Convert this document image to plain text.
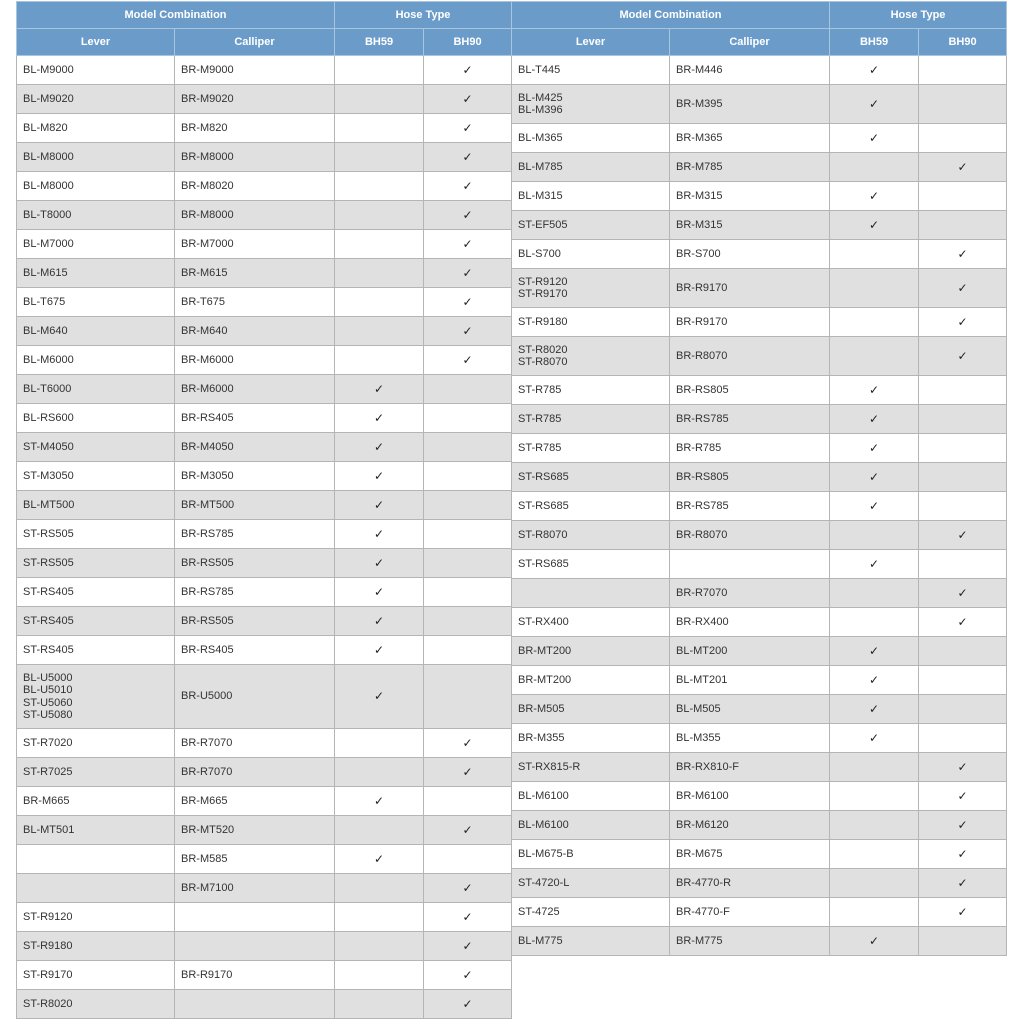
Model Combination		Hose Type	
Lever	Calliper	BH59	BH90

BL-M9000	BR-M9000		✓

BL-M9020	BR-M9020		✓

BL-M820	BR-M820		✓

BL-M8000	BR-M8000		✓

BL-M8000	BR-M8020		✓

BL-T8000	BR-M8000		✓

BL-M7000	BR-M7000		✓

BL-M615	BR-M615		✓

BL-T675	BR-T675		✓

BL-M640	BR-M640		✓

BL-M6000	BR-M6000		✓

BL-T6000	BR-M6000	✓	

BL-RS600	BR-RS405	✓	

ST-M4050	BR-M4050	✓	

ST-M3050	BR-M3050	✓	

BL-MT500	BR-MT500	✓	

ST-RS505	BR-RS785	✓	

ST-RS505	BR-RS505	✓	

ST-RS405	BR-RS785	✓	

ST-RS405	BR-RS505	✓	

ST-RS405	BR-RS405	✓	

BL-U5000
BL-U5010
ST-U5060
ST-U5080	BR-U5000	✓	

ST-R7020	BR-R7070		✓

ST-R7025	BR-R7070		✓

BR-M665	BR-M665	✓	

BL-MT501	BR-MT520		✓

	BR-M585	✓	

	BR-M7100		✓

ST-R9120			✓

ST-R9180			✓

ST-R9170	BR-R9170		✓

ST-R8020			✓
Model Combination		Hose Type	
Lever	Calliper	BH59	BH90

BL-T445	BR-M446	✓	

BL-M425
BL-M396	BR-M395	✓	

BL-M365	BR-M365	✓	

BL-M785	BR-M785		✓

BL-M315	BR-M315	✓	

ST-EF505	BR-M315	✓	

BL-S700	BR-S700		✓

ST-R9120
ST-R9170	BR-R9170		✓

ST-R9180	BR-R9170		✓

ST-R8020
ST-R8070	BR-R8070		✓

ST-R785	BR-RS805	✓	

ST-R785	BR-RS785	✓	

ST-R785	BR-R785	✓	

ST-RS685	BR-RS805	✓	

ST-RS685	BR-RS785	✓	

ST-R8070	BR-R8070		✓

ST-RS685		✓	

	BR-R7070		✓

ST-RX400	BR-RX400		✓

BR-MT200	BL-MT200	✓	

BR-MT200	BL-MT201	✓	

BR-M505	BL-M505	✓	

BR-M355	BL-M355	✓	

ST-RX815-R	BR-RX810-F		✓

BL-M6100	BR-M6100		✓

BL-M6100	BR-M6120		✓

BL-M675-B	BR-M675		✓

ST-4720-L	BR-4770-R		✓

ST-4725	BR-4770-F		✓

BL-M775	BR-M775	✓	
